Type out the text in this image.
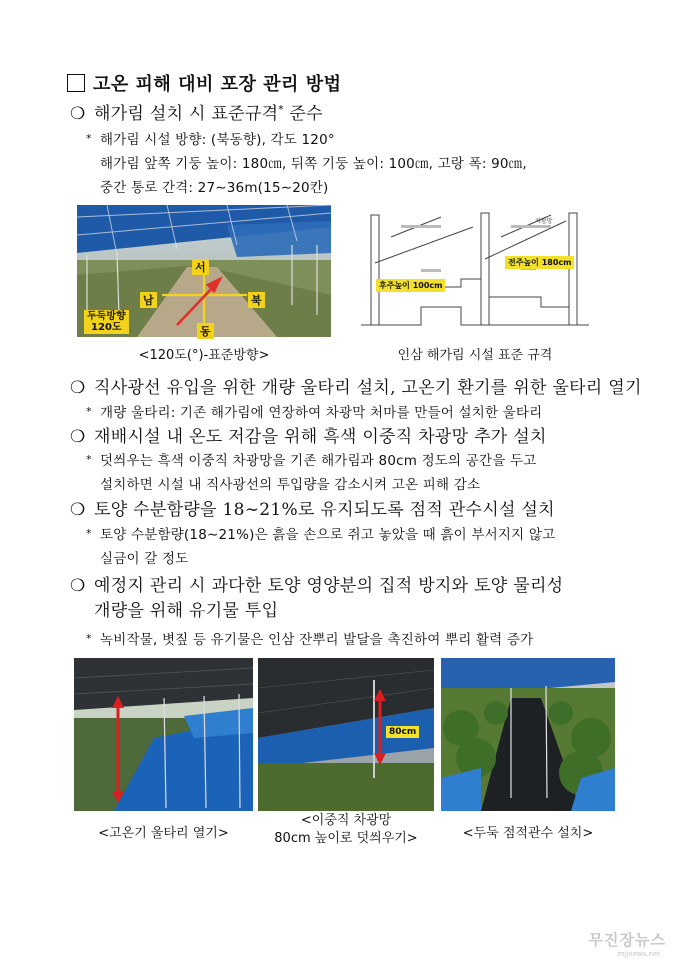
고온 피해 대비 포장 관리 방법
❍ 해가림 설치 시 표준규격* 준수
* 해가림 시설 방향: (북동향), 각도 120°
해가림 앞쪽 기둥 높이: 180㎝, 뒤쪽 기둥 높이: 100㎝, 고랑 폭: 90㎝,
중간 통로 간격: 27∼36m(15∼20칸)
서
남	북
동
두둑방향
120도
<120도(°)-표준방향>
전주높이 180cm
후주높이 100cm
차광망
인삼 해가림 시설 표준 규격
❍ 직사광선 유입을 위한 개량 울타리 설치, 고온기 환기를 위한 울타리 열기
* 개량 울타리: 기존 해가림에 연장하여 차광막 처마를 만들어 설치한 울타리
❍ 재배시설 내 온도 저감을 위해 흑색 이중직 차광망 추가 설치
* 덧씌우는 흑색 이중직 차광망을 기존 해가림과 80cm 정도의 공간을 두고
설치하면 시설 내 직사광선의 투입량을 감소시켜 고온 피해 감소
❍ 토양 수분함량을 18∼21%로 유지되도록 점적 관수시설 설치
* 토양 수분함량(18∼21%)은 흙을 손으로 쥐고 놓았을 때 흙이 부서지지 않고
실금이 갈 정도
❍ 예정지 관리 시 과다한 토양 영양분의 집적 방지와 토양 물리성
개량을 위해 유기물 투입
* 녹비작물, 볏짚 등 유기물은 인삼 잔뿌리 발달을 촉진하여 뿌리 활력 증가
80cm
<고온기 울타리 열기>
<이중직 차광망
80cm 높이로 덧씌우기>	<두둑 점적관수 설치>
무진장뉴스
mjjnews.net
